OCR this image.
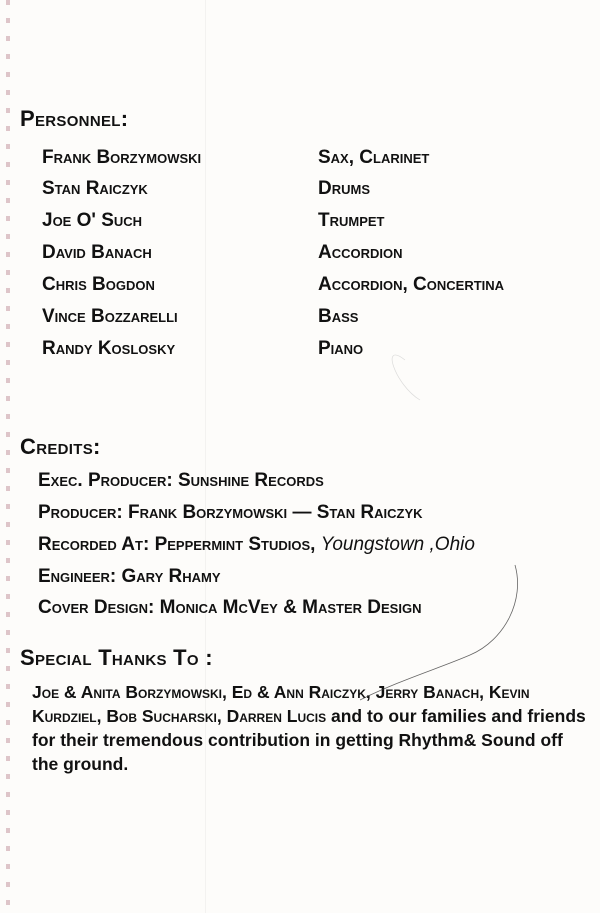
Personnel:
Frank Borzymowski	Sax, Clarinet
Stan Raiczyk	Drums
Joe O' Such	Trumpet
David Banach	Accordion
Chris Bogdon	Accordion, Concertina
Vince Bozzarelli	Bass
Randy Koslosky	Piano
Credits:
Exec. Producer: Sunshine Records
Producer: Frank Borzymowski — Stan Raiczyk
Recorded At: Peppermint Studios, Youngstown ,Ohio
Engineer: Gary Rhamy
Cover Design: Monica McVey & Master Design
Special Thanks To :
Joe & Anita Borzymowski, Ed & Ann Raiczyk, Jerry Banach, Kevin Kurdziel, Bob Sucharski, Darren Lucis and to our families and friends for their tremendous contribution in getting Rhythm& Sound off the ground.
